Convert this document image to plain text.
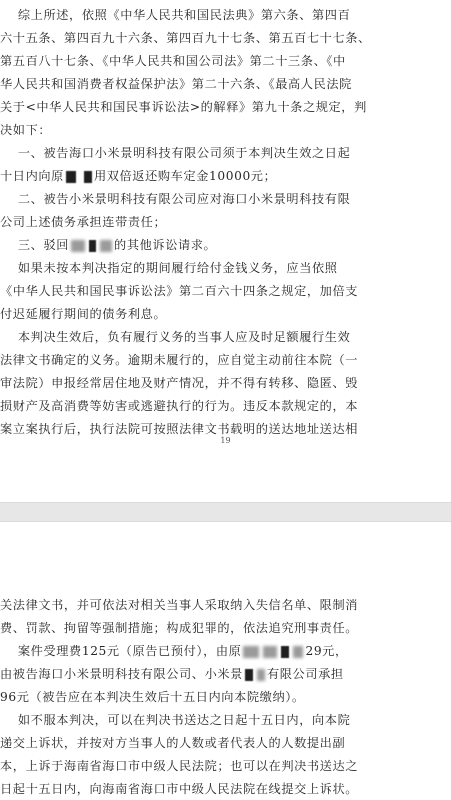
综上所述，依照《中华人民共和国民法典》第六条、第四百
六十五条、第四百九十六条、第四百九十七条、第五百七十七条、
第五百八十七条、《中华人民共和国公司法》第二十三条、《中
华人民共和国消费者权益保护法》第二十六条、《最高人民法院
关于<中华人民共和国民事诉讼法>的解释》第九十条之规定，判
决如下：
一、被告海口小米景明科技有限公司须于本判决生效之日起
十日内向原 用双倍返还购车定金10000元；
二、被告小米景明科技有限公司应对海口小米景明科技有限
公司上述债务承担连带责任；
三、驳回	的其他诉讼请求。
如果未按本判决指定的期间履行给付金钱义务，应当依照
《中华人民共和国民事诉讼法》第二百六十四条之规定，加倍支
付迟延履行期间的债务利息。
本判决生效后，负有履行义务的当事人应及时足额履行生效
法律文书确定的义务。逾期未履行的，应自觉主动前往本院（一
审法院）申报经常居住地及财产情况，并不得有转移、隐匿、毁
损财产及高消费等妨害或逃避执行的行为。违反本款规定的，本
案立案执行后，执行法院可按照法律文书载明的送达地址送达相
19
关法律文书，并可依法对相关当事人采取纳入失信名单、限制消
费、罚款、拘留等强制措施；构成犯罪的，依法追究刑事责任。
案件受理费125元（原告已预付），由原	29元，
由被告海口小米景明科技有限公司、小米景 有限公司承担
96元（被告应在本判决生效后十五日内向本院缴纳）。
如不服本判决，可以在判决书送达之日起十五日内，向本院
递交上诉状，并按对方当事人的人数或者代表人的人数提出副
本，上诉于海南省海口市中级人民法院；也可以在判决书送达之
日起十五日内，向海南省海口市中级人民法院在线提交上诉状。
